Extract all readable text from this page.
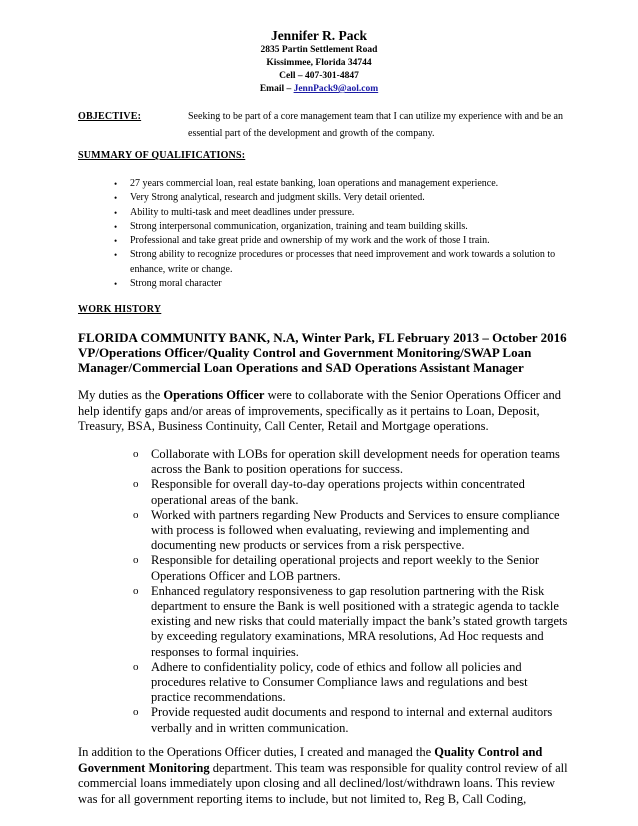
Jennifer R. Pack
2835 Partin Settlement Road
Kissimmee, Florida 34744
Cell – 407-301-4847
Email – JennPack9@aol.com
OBJECTIVE:	Seeking to be part of a core management team that I can utilize my experience with and be an essential part of the development and growth of the company.
SUMMARY OF QUALIFICATIONS:
• 27 years commercial loan, real estate banking, loan operations and management experience.
• Very Strong analytical, research and judgment skills. Very detail oriented.
• Ability to multi-task and meet deadlines under pressure.
• Strong interpersonal communication, organization, training and team building skills.
• Professional and take great pride and ownership of my work and the work of those I train.
• Strong ability to recognize procedures or processes that need improvement and work towards a solution to enhance, write or change.
• Strong moral character
WORK HISTORY
FLORIDA COMMUNITY BANK, N.A, Winter Park, FL February 2013 – October 2016
VP/Operations Officer/Quality Control and Government Monitoring/SWAP Loan Manager/Commercial Loan Operations and SAD Operations Assistant Manager
My duties as the Operations Officer were to collaborate with the Senior Operations Officer and help identify gaps and/or areas of improvements, specifically as it pertains to Loan, Deposit, Treasury, BSA, Business Continuity, Call Center, Retail and Mortgage operations.
o Collaborate with LOBs for operation skill development needs for operation teams across the Bank to position operations for success.
o Responsible for overall day-to-day operations projects within concentrated operational areas of the bank.
o Worked with partners regarding New Products and Services to ensure compliance with process is followed when evaluating, reviewing and implementing and documenting new products or services from a risk perspective.
o Responsible for detailing operational projects and report weekly to the Senior Operations Officer and LOB partners.
o Enhanced regulatory responsiveness to gap resolution partnering with the Risk department to ensure the Bank is well positioned with a strategic agenda to tackle existing and new risks that could materially impact the bank’s stated growth targets by exceeding regulatory examinations, MRA resolutions, Ad Hoc requests and responses to formal inquiries.
o Adhere to confidentiality policy, code of ethics and follow all policies and procedures relative to Consumer Compliance laws and regulations and best practice recommendations.
o Provide requested audit documents and respond to internal and external auditors verbally and in written communication.
In addition to the Operations Officer duties, I created and managed the Quality Control and Government Monitoring department. This team was responsible for quality control review of all commercial loans immediately upon closing and all declined/lost/withdrawn loans. This review was for all government reporting items to include, but not limited to, Reg B, Call Coding,
